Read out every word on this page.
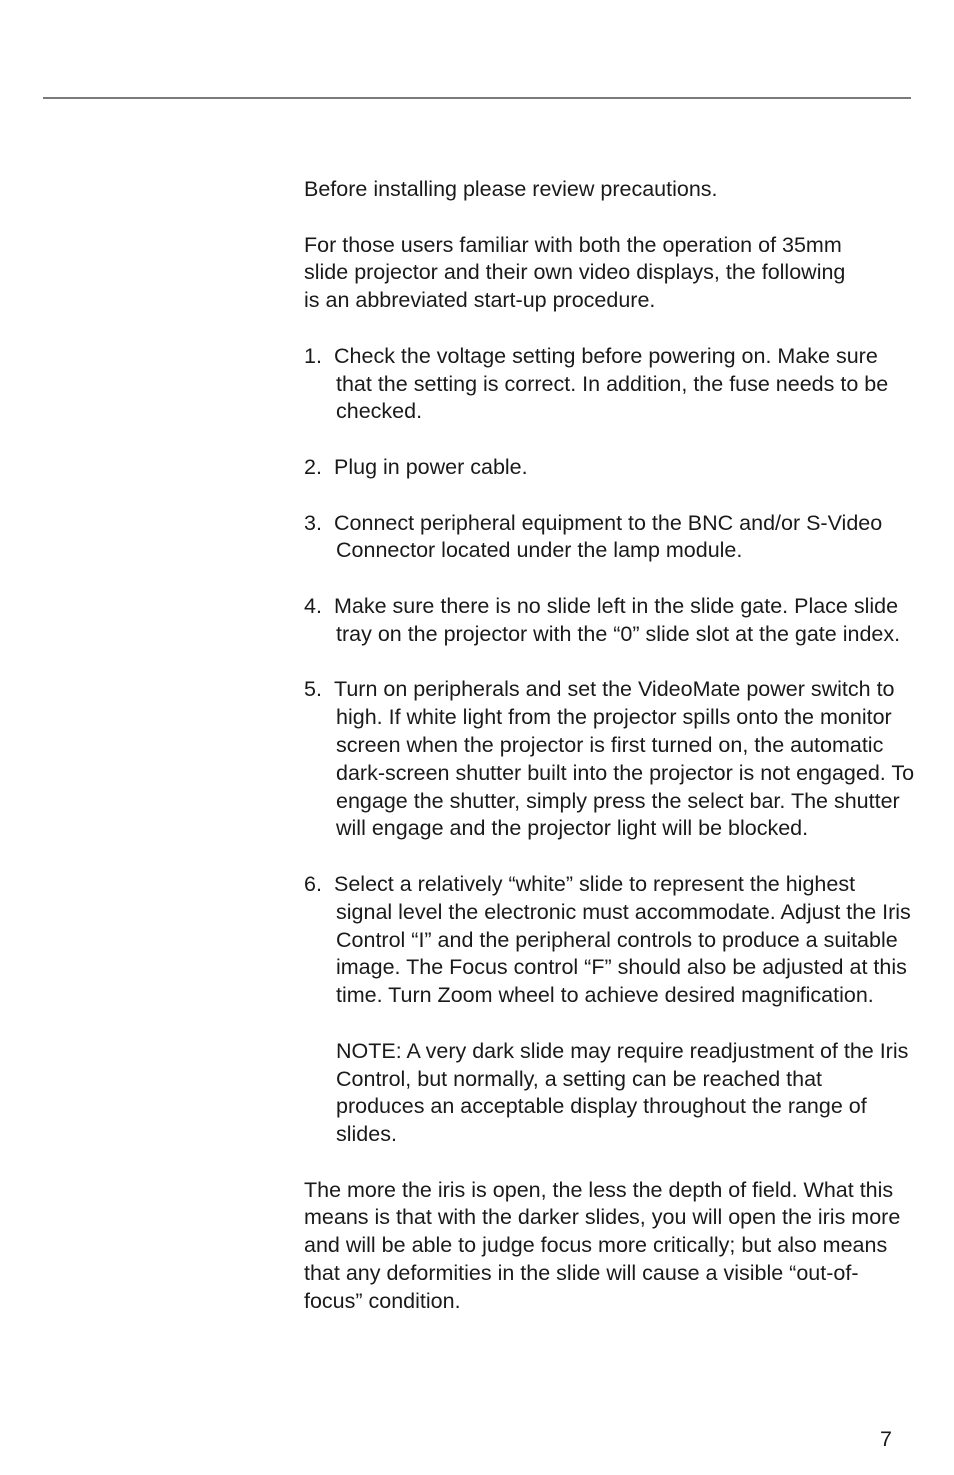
Before installing please review precautions.

For those users familiar with both the operation of 35mm
slide projector and their own video displays, the following
is an abbreviated start-up procedure.

1. Check the voltage setting before powering on. Make sure that the setting is correct. In addition, the fuse needs to be checked.
2. Plug in power cable.
3. Connect peripheral equipment to the BNC and/or S-Video Connector located under the lamp module.
4. Make sure there is no slide left in the slide gate. Place slide tray on the projector with the “0” slide slot at the gate index.
5. Turn on peripherals and set the VideoMate power switch to high. If white light from the projector spills onto the monitor screen when the projector is first turned on, the automatic dark-screen shutter built into the projector is not engaged. To engage the shutter, simply press the select bar. The shutter will engage and the projector light will be blocked.
6. Select a relatively “white” slide to represent the highest signal level the electronic must accommodate. Adjust the Iris Control “I” and the peripheral controls to produce a suitable image. The Focus control “F” should also be adjusted at this time. Turn Zoom wheel to achieve desired magnification.

NOTE: A very dark slide may require readjustment of the Iris Control, but normally, a setting can be reached that produces an acceptable display throughout the range of slides.

The more the iris is open, the less the depth of field. What this means is that with the darker slides, you will open the iris more and will be able to judge focus more critically; but also means that any deformities in the slide will cause a visible “out-of-focus” condition.

7
